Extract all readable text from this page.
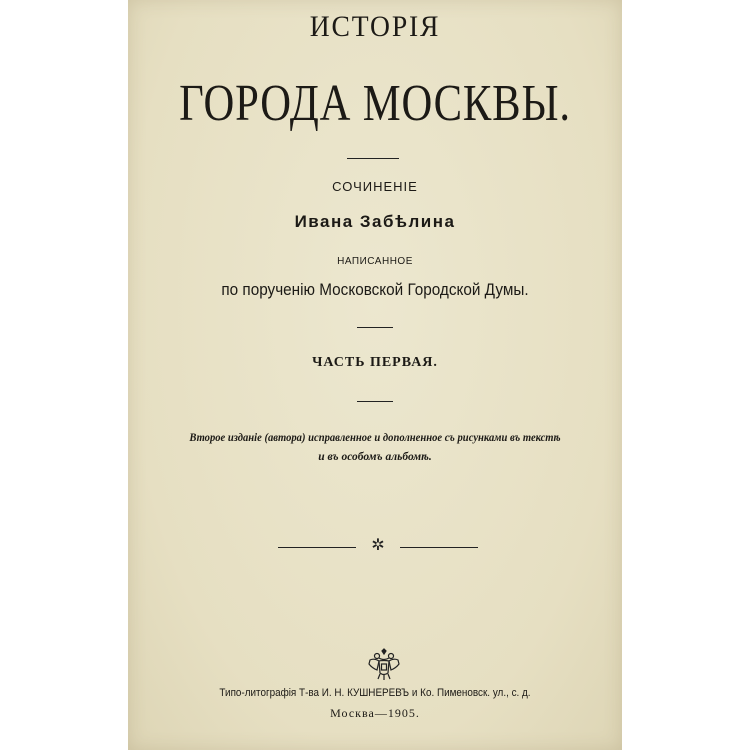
ИСТОРIЯ
ГОРОДА МОСКВЫ.
СОЧИНЕНIЕ
Ивана Забѣлина
НАПИСАННОЕ
по порученiю Московской Городской Думы.
ЧАСТЬ ПЕРВАЯ.
Второе изданiе (автора) исправленное и дополненное съ рисунками въ текстѣ
и въ особомъ альбомѣ.
✲
Типо-литографiя Т-ва И. Н. КУШНЕРЕВЪ и Ко. Пименовск. ул., с. д.
Москва—1905.
